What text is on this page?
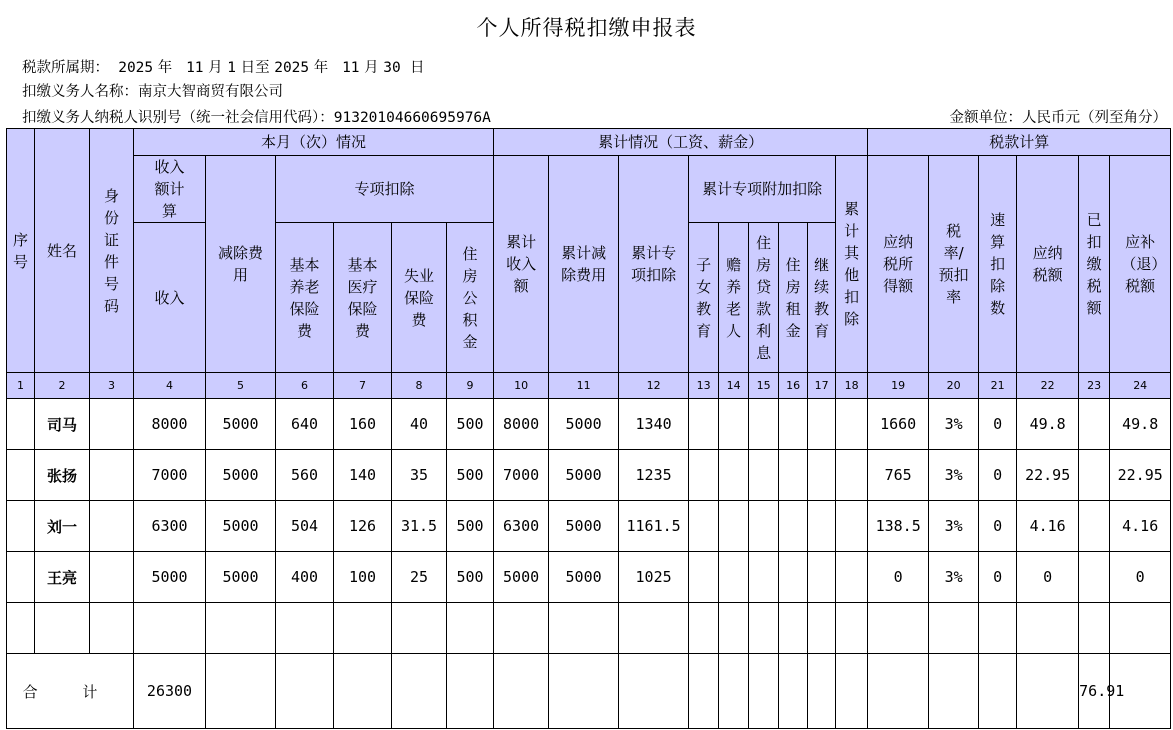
个人所得税扣缴申报表
税款所属期： 2025 年 11 月 1 日至 2025 年 11 月 30 日
扣缴义务人名称：南京大智商贸有限公司
扣缴义务人纳税人识别号（统一社会信用代码）：91320104660695976A	金额单位：人民币元（列至角分）
序号	姓名	身份证件号码	本月（次）情况						累计情况（工资、薪金）									税款计算						

			收入额计算	减除费用	专项扣除				累计收入额	累计减除费用	累计专项扣除	累计专项附加扣除					累计其他扣除	应纳税所得额	税率/预扣率	速算扣除数	应纳税额	已扣缴税额	应补（退）税额	

			收入		基本养老保险费	基本医疗保险费	失业保险费	住房公积金				子女教育	赡养老人	住房贷款利息	住房租金	继续教育								
1	2	3	4	5	6	7	8	9	10	11	12	13	14	15	16	17	18	19	20	21	22	23	24	
	司马		8000	5000	640	160	40	500	8000	5000	1340							1660	3%	0	49.8		49.8	
	张扬		7000	5000	560	140	35	500	7000	5000	1235							765	3%	0	22.95		22.95	
	刘一		6300	5000	504	126	31.5	500	6300	5000	1161.5							138.5	3%	0	4.16		4.16	
	王亮		5000	5000	400	100	25	500	5000	5000	1025							0	3%	0	0		0	

合 计			26300																			76.91		
